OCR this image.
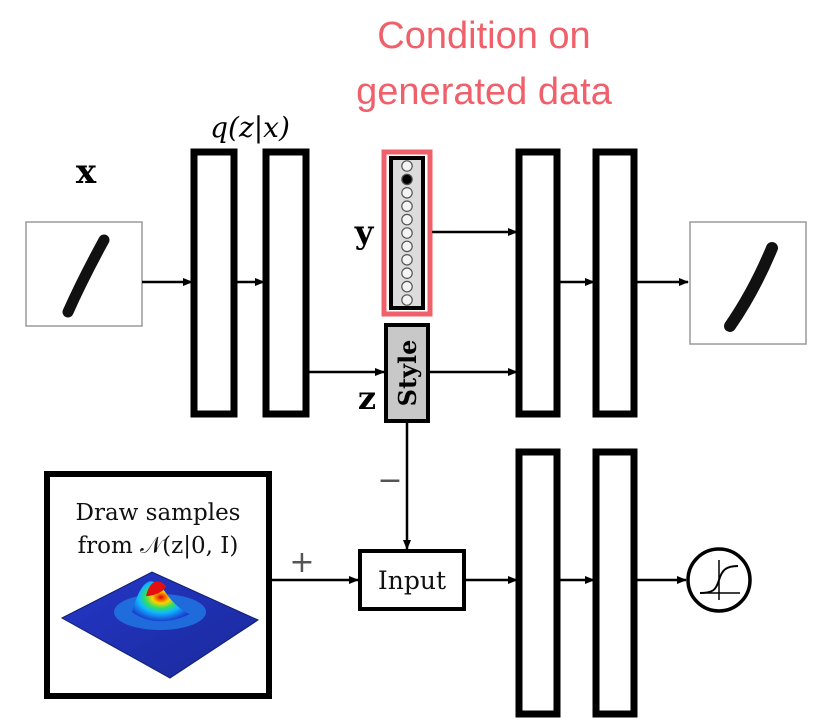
Condition on
generated data
q(z|x)
x
y
z Style
−
+
Input
Draw samples
from 𝒩(z|0, I)
